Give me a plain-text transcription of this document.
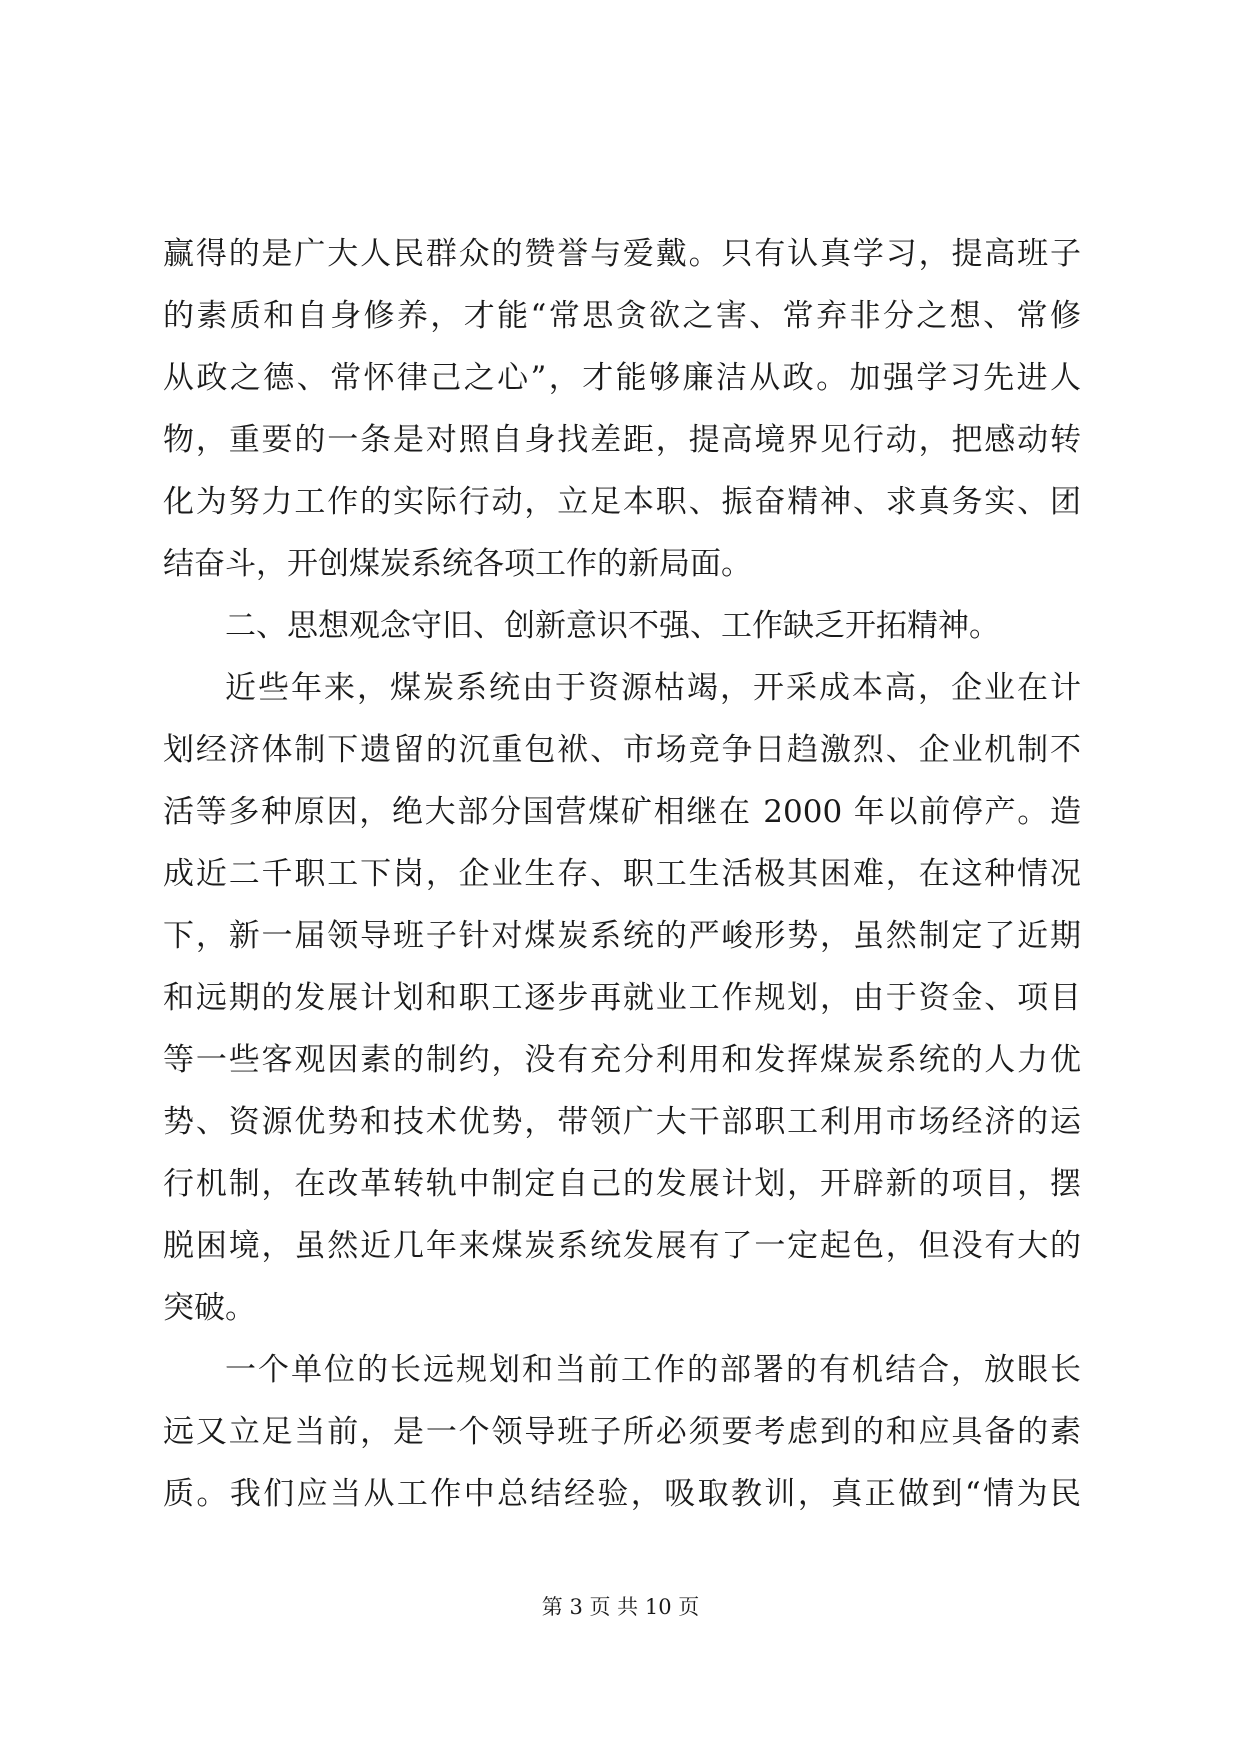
赢得的是广大人民群众的赞誉与爱戴。只有认真学习，提高班子
的素质和自身修养，才能“常思贪欲之害、常弃非分之想、常修
从政之德、常怀律己之心”，才能够廉洁从政。加强学习先进人
物，重要的一条是对照自身找差距，提高境界见行动，把感动转
化为努力工作的实际行动，立足本职、振奋精神、求真务实、团
结奋斗，开创煤炭系统各项工作的新局面。
二、思想观念守旧、创新意识不强、工作缺乏开拓精神。
近些年来，煤炭系统由于资源枯竭，开采成本高，企业在计
划经济体制下遗留的沉重包袱、市场竞争日趋激烈、企业机制不
活等多种原因，绝大部分国营煤矿相继在 2000 年以前停产。造
成近二千职工下岗，企业生存、职工生活极其困难，在这种情况
下，新一届领导班子针对煤炭系统的严峻形势，虽然制定了近期
和远期的发展计划和职工逐步再就业工作规划，由于资金、项目
等一些客观因素的制约，没有充分利用和发挥煤炭系统的人力优
势、资源优势和技术优势，带领广大干部职工利用市场经济的运
行机制，在改革转轨中制定自己的发展计划，开辟新的项目，摆
脱困境，虽然近几年来煤炭系统发展有了一定起色，但没有大的
突破。
一个单位的长远规划和当前工作的部署的有机结合，放眼长
远又立足当前，是一个领导班子所必须要考虑到的和应具备的素
质。我们应当从工作中总结经验，吸取教训，真正做到“情为民
第 3 页 共 10 页
